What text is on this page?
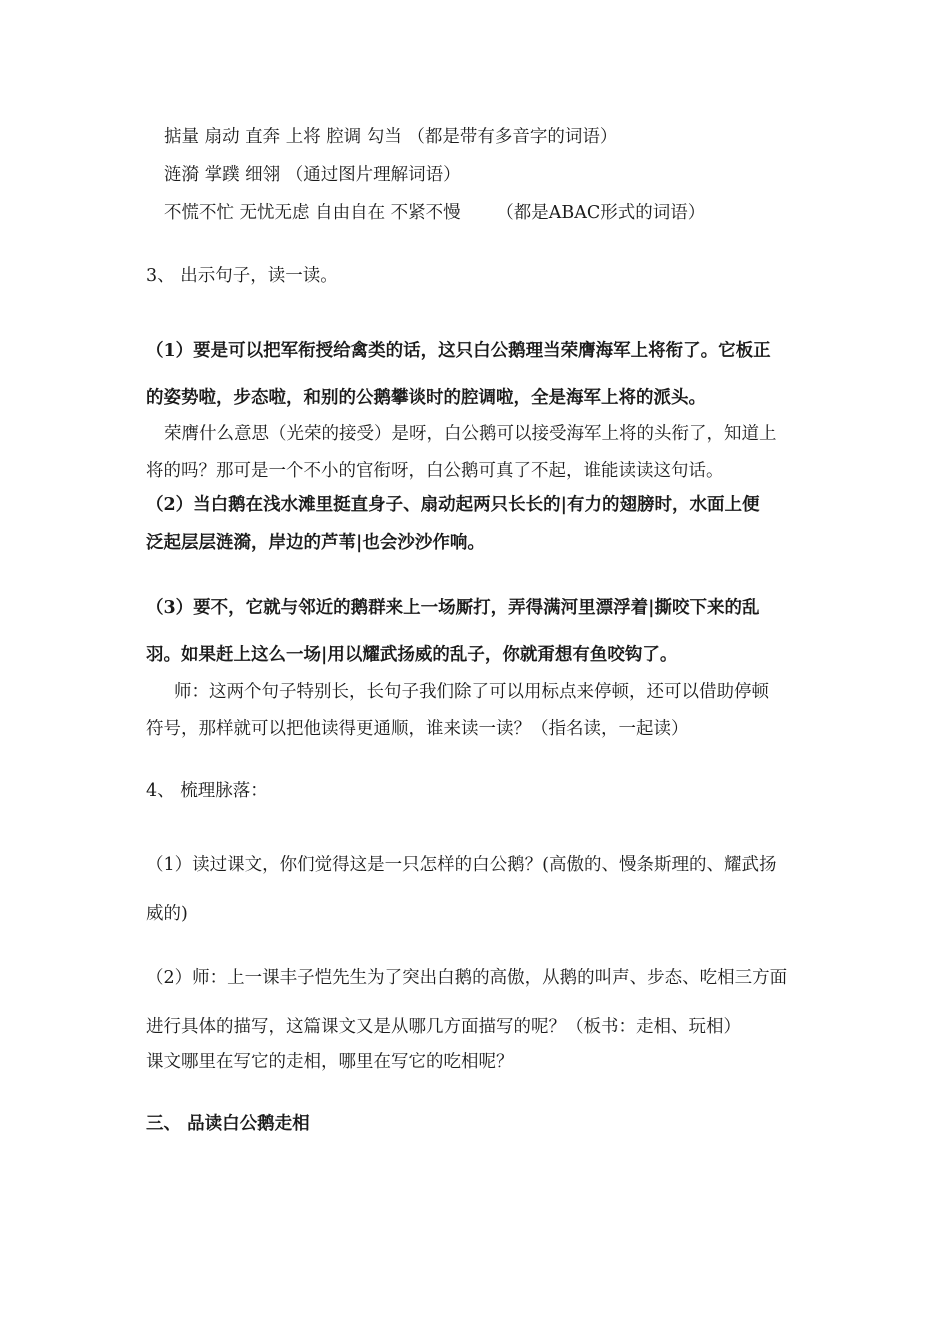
掂量 扇动 直奔 上将 腔调 勾当 （都是带有多音字的词语）
涟漪 掌蹼 细翎 （通过图片理解词语）
不慌不忙 无忧无虑 自由自在 不紧不慢 （都是ABAC形式的词语）
3、 出示句子，读一读。
（1）要是可以把军衔授给禽类的话，这只白公鹅理当荣膺海军上将衔了。它板正
的姿势啦，步态啦，和别的公鹅攀谈时的腔调啦，全是海军上将的派头。
荣膺什么意思（光荣的接受）是呀，白公鹅可以接受海军上将的头衔了，知道上
将的吗？那可是一个不小的官衔呀，白公鹅可真了不起，谁能读读这句话。
（2）当白鹅在浅水滩里挺直身子、扇动起两只长长的|有力的翅膀时，水面上便
泛起层层涟漪，岸边的芦苇|也会沙沙作响。
（3）要不，它就与邻近的鹅群来上一场厮打，弄得满河里漂浮着|撕咬下来的乱
羽。如果赶上这么一场|用以耀武扬威的乱子，你就甭想有鱼咬钩了。
师：这两个句子特别长，长句子我们除了可以用标点来停顿，还可以借助停顿
符号，那样就可以把他读得更通顺，谁来读一读？（指名读，一起读）
4、 梳理脉落：
（1）读过课文，你们觉得这是一只怎样的白公鹅？(高傲的、慢条斯理的、耀武扬
威的)
（2）师：上一课丰子恺先生为了突出白鹅的高傲，从鹅的叫声、步态、吃相三方面
进行具体的描写，这篇课文又是从哪几方面描写的呢？（板书：走相、玩相）
课文哪里在写它的走相，哪里在写它的吃相呢？
三、 品读白公鹅走相
